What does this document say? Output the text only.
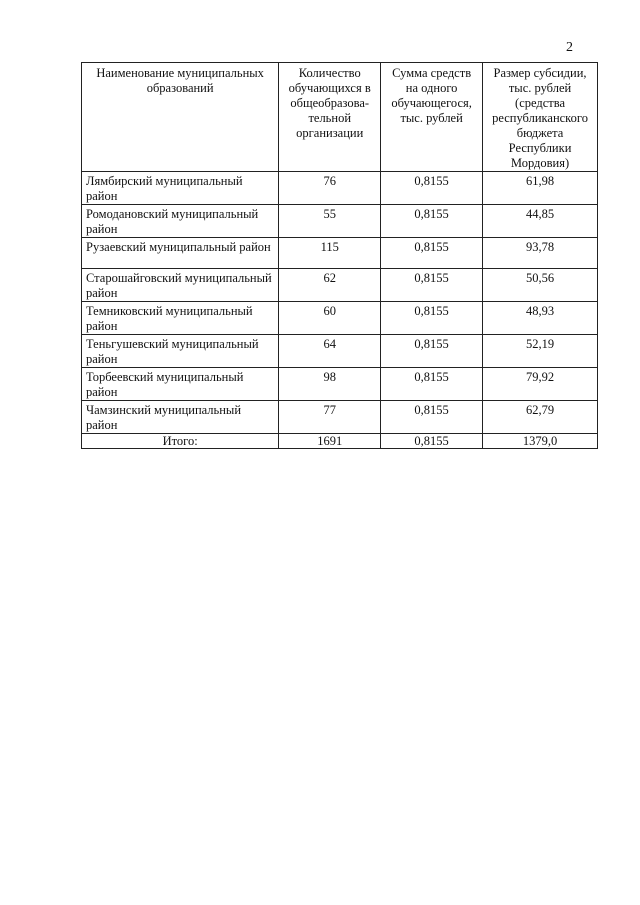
2
Наименование муниципальных образований	Количество обучающихся в общеобразова-тельной организации	Сумма средств на одного обучающегося, тыс. рублей	Размер субсидии, тыс. рублей (средства республиканского бюджета Республики Мордовия)
Лямбирский муниципальный район	76	0,8155	61,98
Ромодановский муниципальный район	55	0,8155	44,85
Рузаевский муниципальный район	115	0,8155	93,78
Старошайговский муниципальный район	62	0,8155	50,56
Темниковский муниципальный район	60	0,8155	48,93
Теньгушевский муниципальный район	64	0,8155	52,19
Торбеевский муниципальный район	98	0,8155	79,92
Чамзинский муниципальный район	77	0,8155	62,79
Итого:	1691	0,8155	1379,0
